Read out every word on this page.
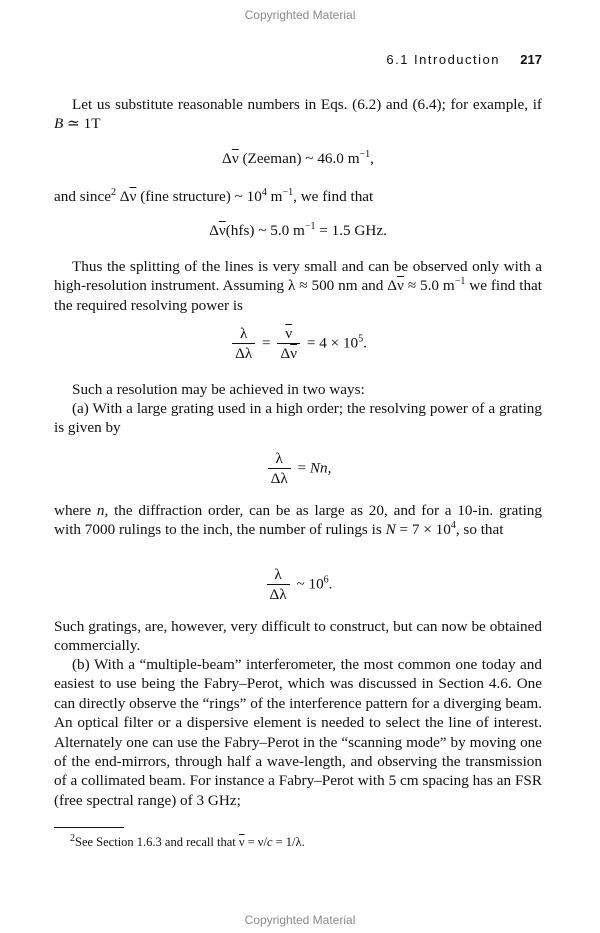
Copyrighted Material
6.1 Introduction 217
Let us substitute reasonable numbers in Eqs. (6.2) and (6.4); for example, if B ≃ 1T
$\Delta\overline{\nu}$ (Zeeman) ~ 46.0 $m^{-1}$,
and since$^2$ $\Delta\overline{\nu}$ (fine structure) ~ $10^4$ $m^{-1}$, we find that
$\Delta\overline{\nu}(hfs)$ ~ 5.0 $m^{-1} = 1.5$ GHz.
Thus the splitting of the lines is very small and can be observed only with a high-resolution instrument. Assuming λ ≈ 500 nm and $\Delta\overline{\nu} \approx 5.0$ $m^{-1}$ we find that the required resolving power is
$\frac{\lambda}{\Delta\lambda} = \frac{\overline{\nu}}{\Delta\overline{\nu}} = 4 \times 10^5$.
Such a resolution may be achieved in two ways:
(a) With a large grating used in a high order; the resolving power of a grating is given by
$\frac{\lambda}{\Delta\lambda} = Nn$,
where n, the diffraction order, can be as large as 20, and for a 10-in. grating with 7000 rulings to the inch, the number of rulings is $N = 7 \times 10^4$, so that
$\frac{\lambda}{\Delta\lambda}$ ~ $10^6$.
Such gratings, are, however, very difficult to construct, but can now be obtained commercially.
(b) With a “multiple-beam” interferometer, the most common one today and easiest to use being the Fabry–Perot, which was discussed in Section 4.6. One can directly observe the “rings” of the interference pattern for a diverging beam. An optical filter or a dispersive element is needed to select the line of interest. Alternately one can use the Fabry–Perot in the “scanning mode” by moving one of the end-mirrors, through half a wave-length, and observing the transmission of a collimated beam. For instance a Fabry–Perot with 5 cm spacing has an FSR (free spectral range) of 3 GHz;
$^2$See Section 1.6.3 and recall that $\overline{\nu} = \nu/c = 1/\lambda$.
Copyrighted Material
